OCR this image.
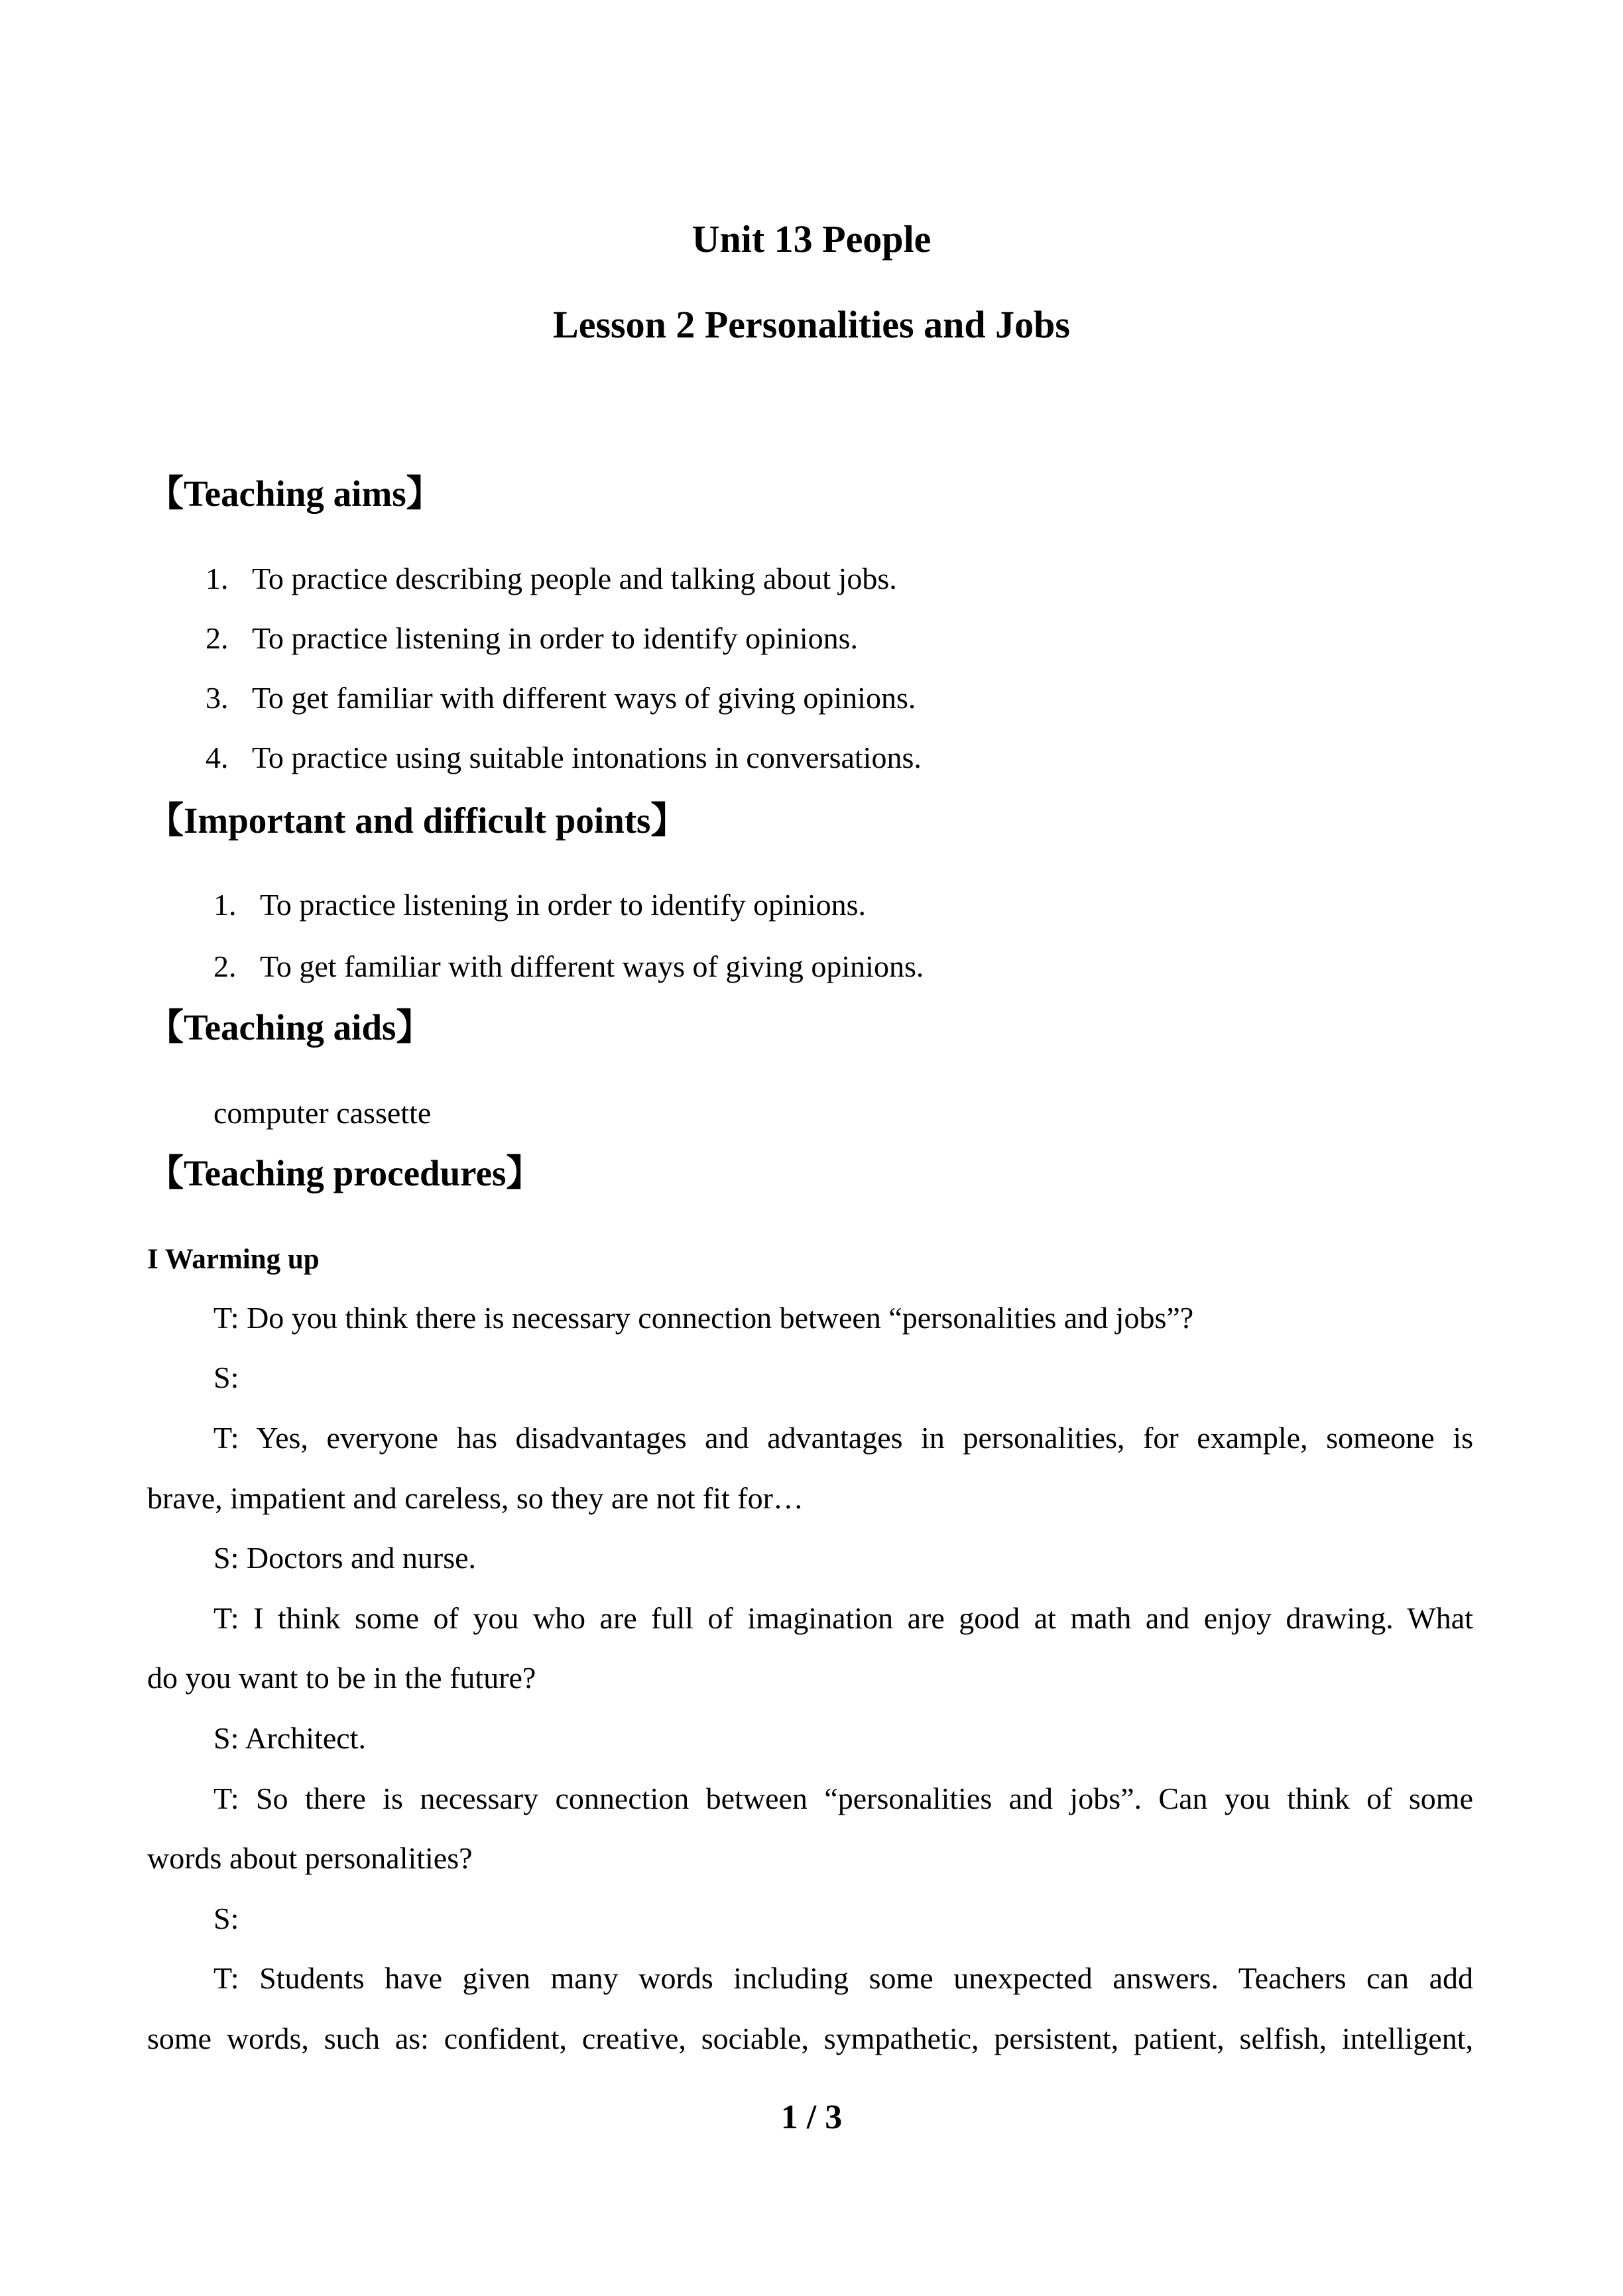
Unit 13 People
Lesson 2 Personalities and Jobs
【Teaching aims】
1. To practice describing people and talking about jobs.
2. To practice listening in order to identify opinions.
3. To get familiar with different ways of giving opinions.
4. To practice using suitable intonations in conversations.
【Important and difficult points】
1. To practice listening in order to identify opinions.
2. To get familiar with different ways of giving opinions.
【Teaching aids】
computer cassette
【Teaching procedures】
I Warming up
T: Do you think there is necessary connection between “personalities and jobs”?
S:
T: Yes, everyone has disadvantages and advantages in personalities, for example, someone is
brave, impatient and careless, so they are not fit for…
S: Doctors and nurse.
T: I think some of you who are full of imagination are good at math and enjoy drawing. What
do you want to be in the future?
S: Architect.
T: So there is necessary connection between “personalities and jobs”. Can you think of some
words about personalities?
S:
T: Students have given many words including some unexpected answers. Teachers can add
some words, such as: confident, creative, sociable, sympathetic, persistent, patient, selfish, intelligent,
1 / 3
